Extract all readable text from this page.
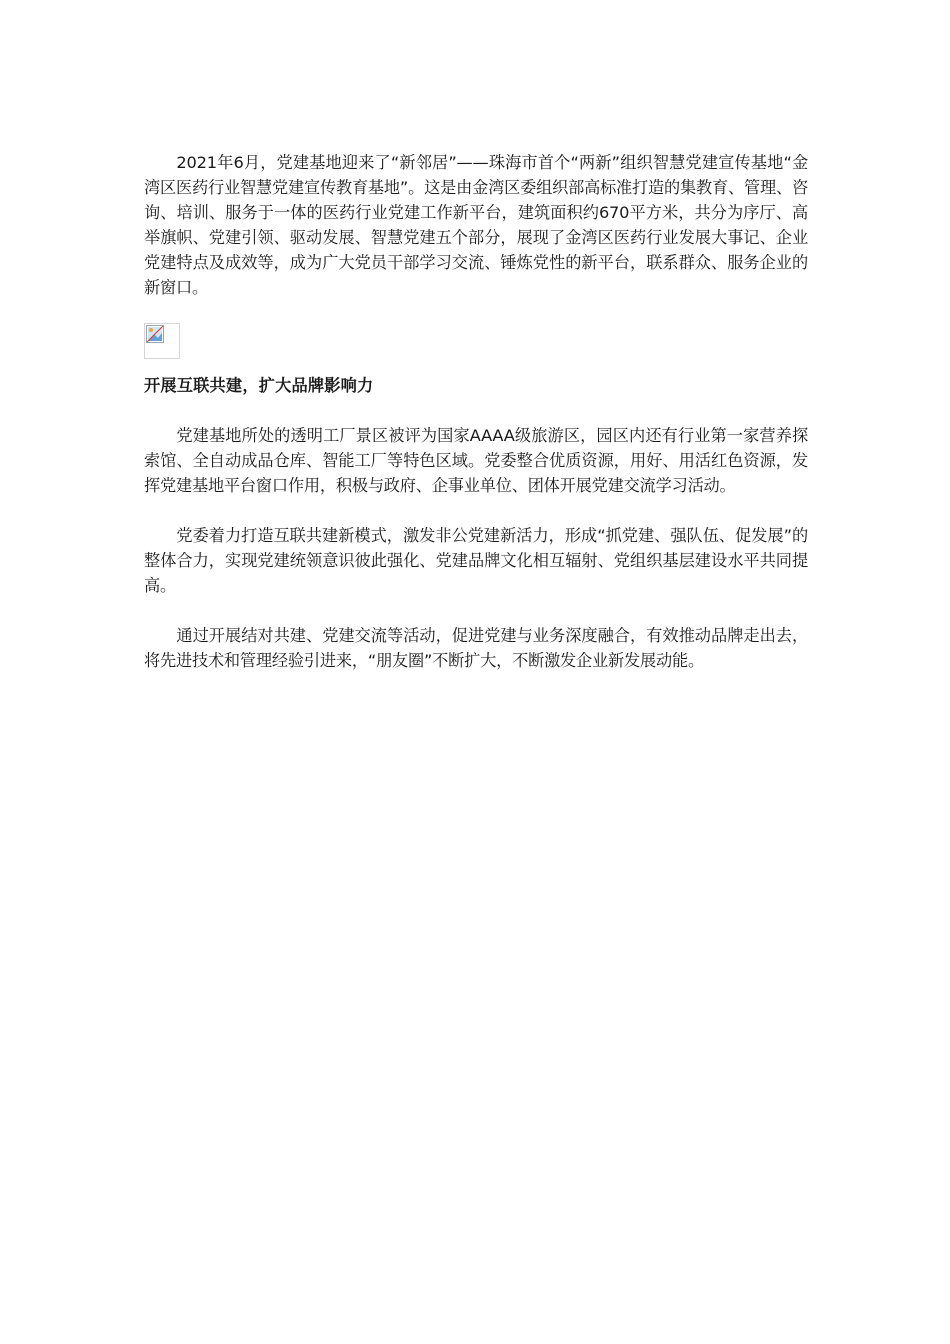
2021年6月，党建基地迎来了“新邻居”——珠海市首个“两新”组织智慧党建宣传基地“金湾区医药行业智慧党建宣传教育基地”。这是由金湾区委组织部高标准打造的集教育、管理、咨询、培训、服务于一体的医药行业党建工作新平台，建筑面积约670平方米，共分为序厅、高举旗帜、党建引领、驱动发展、智慧党建五个部分，展现了金湾区医药行业发展大事记、企业党建特点及成效等，成为广大党员干部学习交流、锤炼党性的新平台，联系群众、服务企业的新窗口。

开展互联共建，扩大品牌影响力

党建基地所处的透明工厂景区被评为国家AAAA级旅游区，园区内还有行业第一家营养探索馆、全自动成品仓库、智能工厂等特色区域。党委整合优质资源，用好、用活红色资源，发挥党建基地平台窗口作用，积极与政府、企事业单位、团体开展党建交流学习活动。

党委着力打造互联共建新模式，激发非公党建新活力，形成“抓党建、强队伍、促发展”的整体合力，实现党建统领意识彼此强化、党建品牌文化相互辐射、党组织基层建设水平共同提高。

通过开展结对共建、党建交流等活动，促进党建与业务深度融合，有效推动品牌走出去，将先进技术和管理经验引进来，“朋友圈”不断扩大，不断激发企业新发展动能。
